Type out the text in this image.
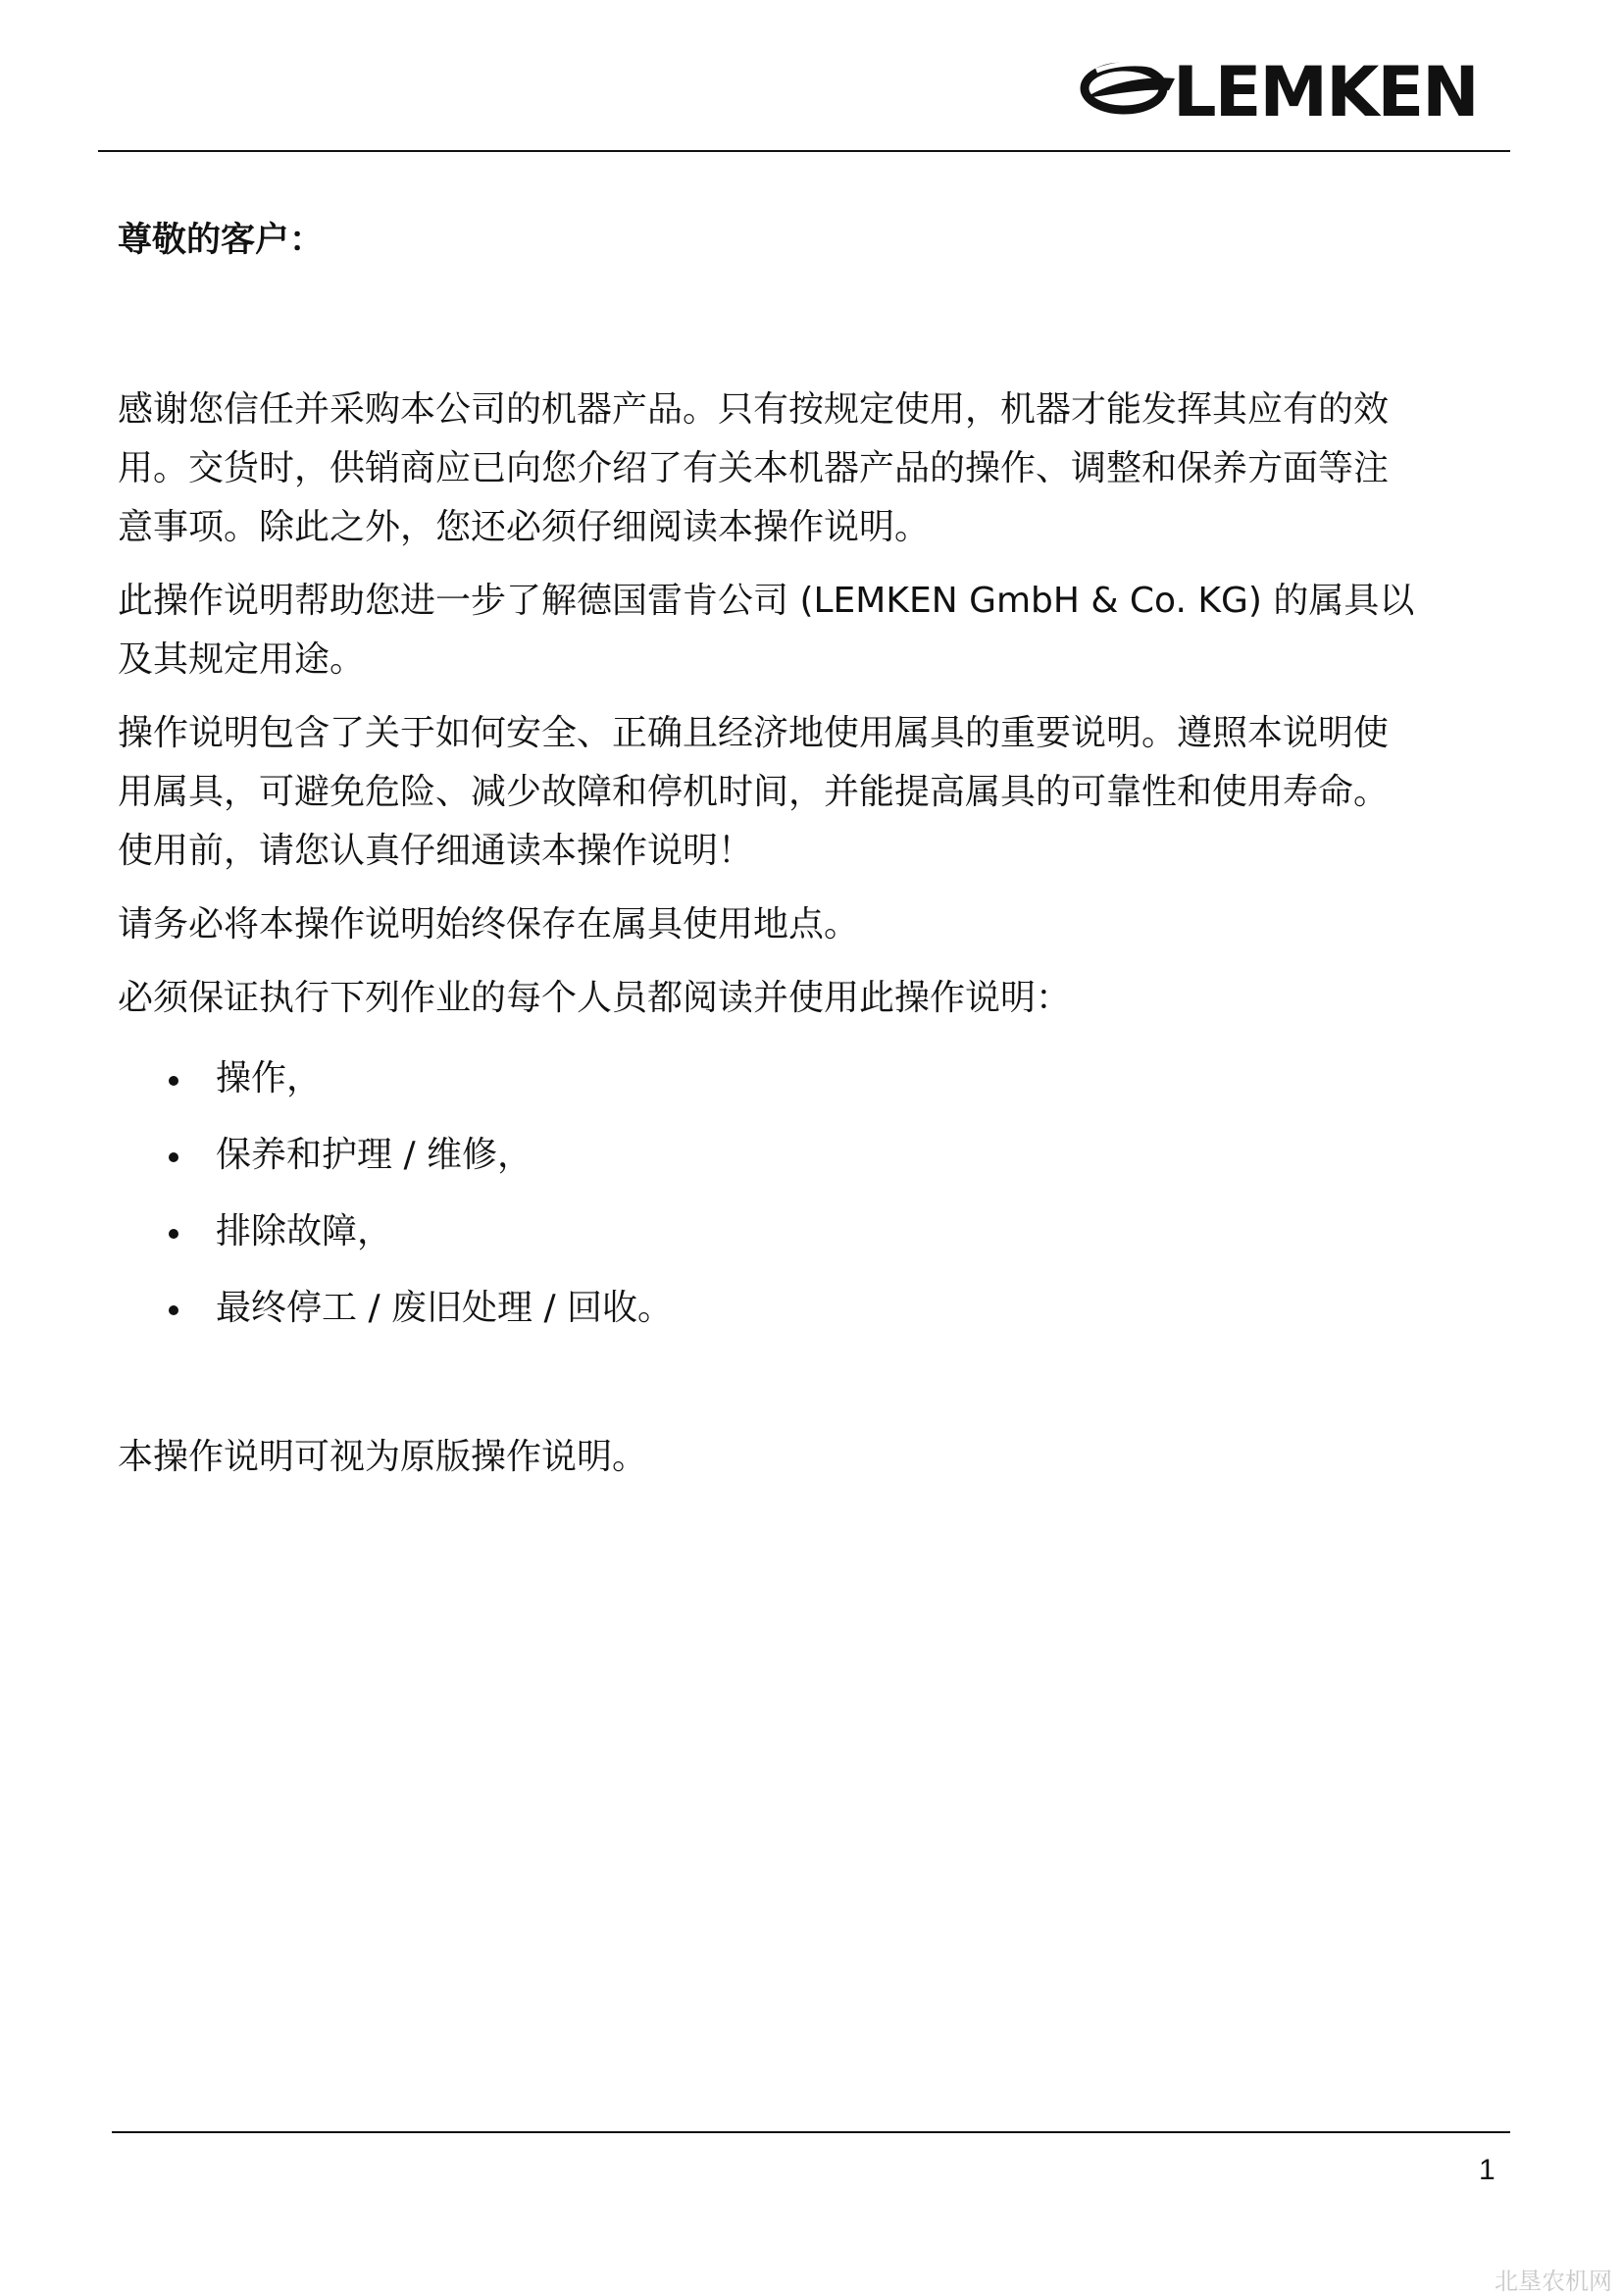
LEMKEN

尊敬的客户：

感谢您信任并采购本公司的机器产品。只有按规定使用，机器才能发挥其应有的效
用。交货时，供销商应已向您介绍了有关本机器产品的操作、调整和保养方面等注
意事项。除此之外，您还必须仔细阅读本操作说明。

此操作说明帮助您进一步了解德国雷肯公司 (LEMKEN GmbH & Co. KG) 的属具以
及其规定用途。

操作说明包含了关于如何安全、正确且经济地使用属具的重要说明。遵照本说明使
用属具，可避免危险、减少故障和停机时间，并能提高属具的可靠性和使用寿命。
使用前，请您认真仔细通读本操作说明！

请务必将本操作说明始终保存在属具使用地点。

必须保证执行下列作业的每个人员都阅读并使用此操作说明：

操作，
保养和护理 / 维修，
排除故障，
最终停工 / 废旧处理 / 回收。

本操作说明可视为原版操作说明。

1
北垦农机网
